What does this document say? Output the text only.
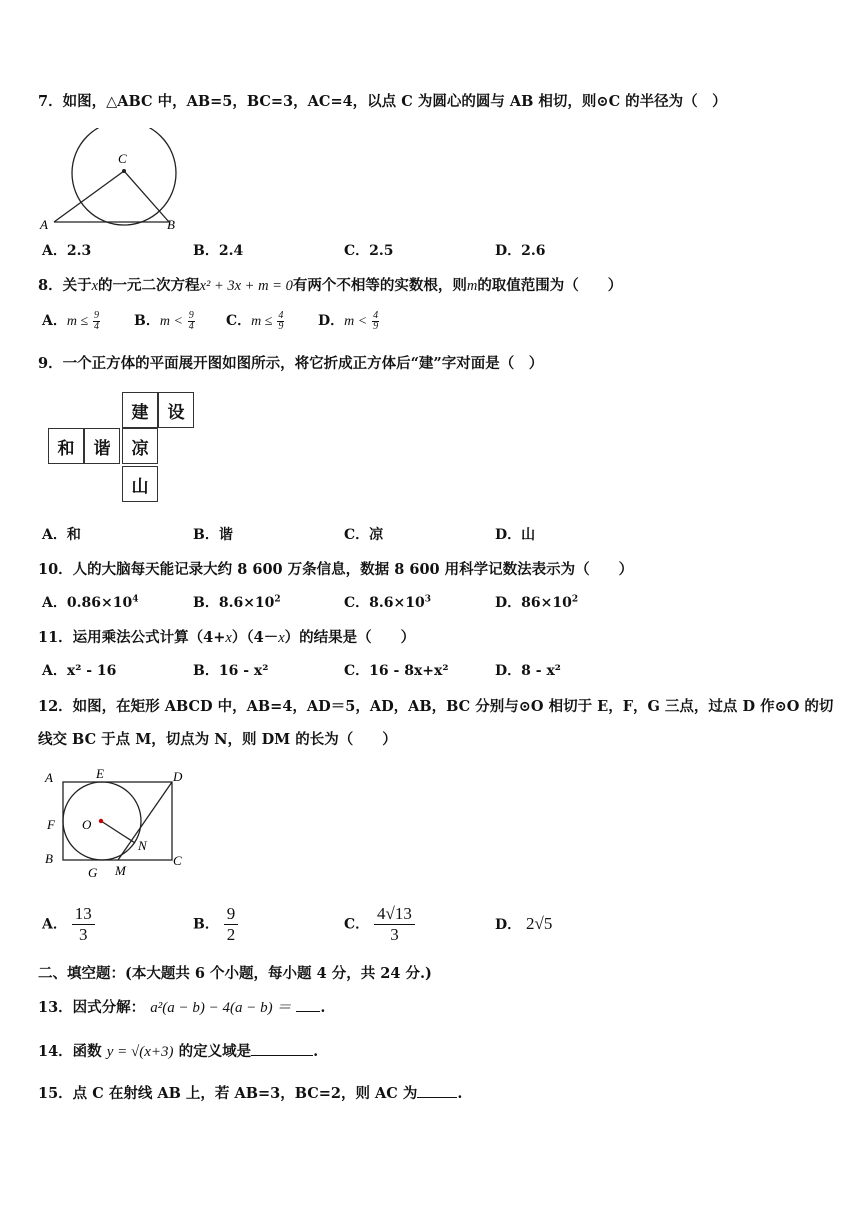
7．如图，△ABC 中，AB=5，BC=3，AC=4，以点 C 为圆心的圆与 AB 相切，则⊙C 的半径为（　）
C
A	B
A．2.3	B．2.4	C．2.5	D．2.6
8．关于x的一元二次方程x² + 3x + m = 0有两个不相等的实数根，则m的取值范围为（　　）
A．$m \le \frac{9}{4}$ B．$m < \frac{9}{4}$ C．$m \le \frac{4}{9}$ D．$m < \frac{4}{9}$
9．一个正方体的平面展开图如图所示，将它折成正方体后“建”字对面是（　）
建	设
和	谐	凉
山
A．和	B．谐	C．凉	D．山
10．人的大脑每天能记录大约 8 600 万条信息，数据 8 600 用科学记数法表示为（　　）
A．$0.86\times 10^4$	B．$8.6\times 10^2$	C．$8.6\times 10^3$	D．$86\times 10^2$
11．运用乘法公式计算（4+x）（4－x）的结果是（　　）
A．x² - 16	B．16 - x²	C．16 - 8x+x²	D．8 - x²
12．如图，在矩形 ABCD 中，AB=4，AD＝5，AD，AB，BC 分别与⊙O 相切于 E，F，G 三点，过点 D 作⊙O 的切
线交 BC 于点 M，切点为 N，则 DM 的长为（　　）
A	E	D
F O
N
B	C
G M
A． $\frac{13}{3}$	B． $\frac{9}{2}$	C． $\frac{4√13}{3}$	D． 2√5
二、填空题：(本大题共 6 个小题，每小题 4 分，共 24 分.)
13．因式分解： a²(a − b) − 4(a − b) ＝ .
14．函数 y = √(x+3) 的定义域是	.
15．点 C 在射线 AB 上，若 AB=3，BC=2，则 AC 为	.
